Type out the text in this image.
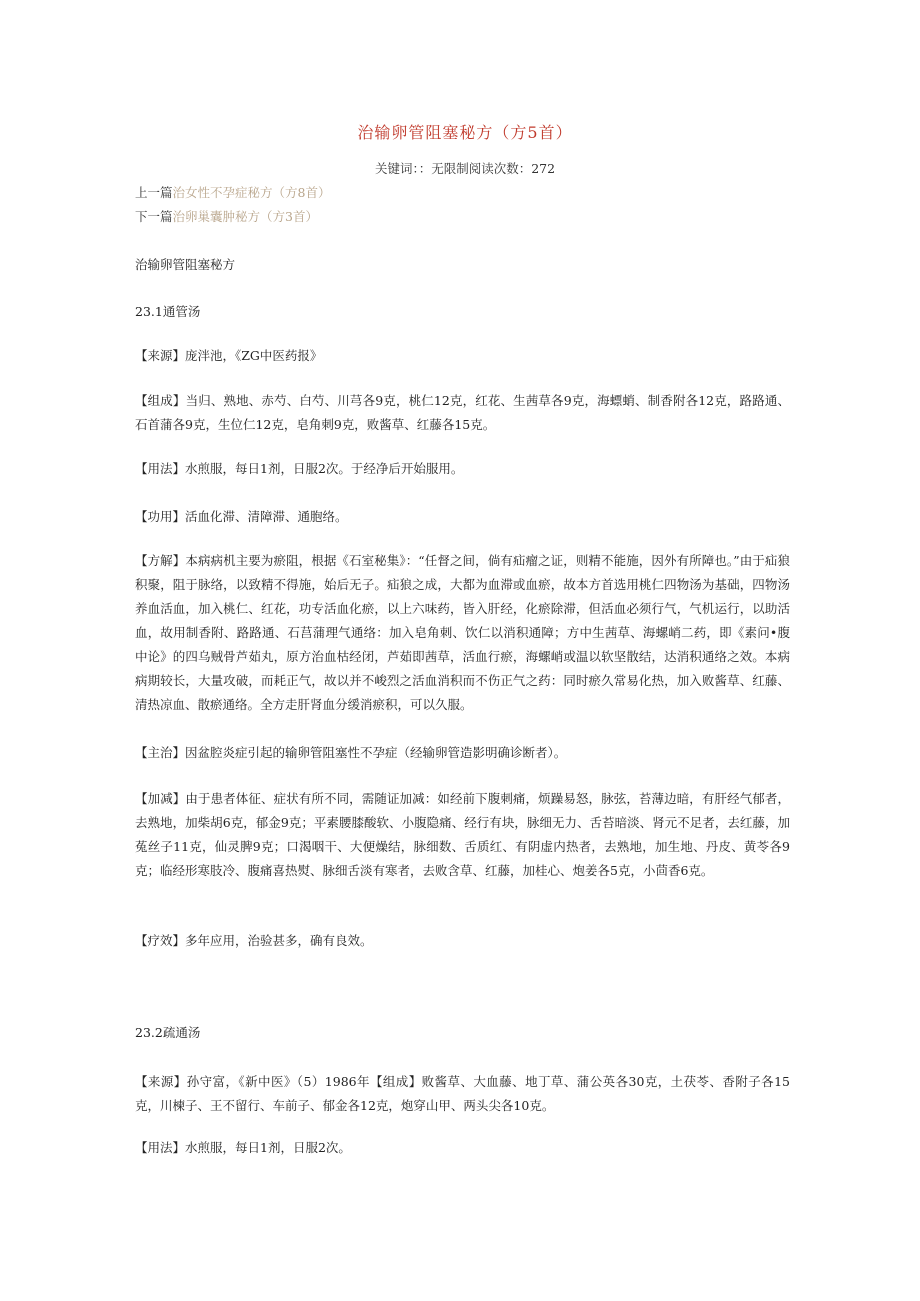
治输卵管阻塞秘方（方5首）
关键词：：无限制阅读次数：272
上一篇治女性不孕症秘方（方8首）
下一篇治卵巢囊肿秘方（方3首）
治输卵管阻塞秘方
23.1通管汤
【来源】庞泮池，《ZG中医药报》
【组成】当归、熟地、赤芍、白芍、川芎各9克，桃仁12克，红花、生茜草各9克，海螵蛸、制香附各12克，路路通、石首蒲各9克，生位仁12克，皂角刺9克，败酱草、红藤各15克。
【用法】水煎服，每日1剂，日服2次。于经净后开始服用。
【功用】活血化滞、清障滞、通胞络。
【方解】本病病机主要为瘀阻，根据《石室秘集》：“任督之间，倘有疝瘤之证，则精不能施，因外有所障也。”由于疝狼积聚，阻于脉络，以致精不得施，始后无子。疝狼之成，大都为血滞或血瘀，故本方首选用桃仁四物汤为基础，四物汤养血活血，加入桃仁、红花，功专活血化瘀，以上六味药，皆入肝经，化瘀除滞，但活血必须行气，气机运行，以助活血，故用制香附、路路通、石莒蒲理气通络：加入皂角刺、饮仁以消积通障；方中生茜草、海螺峭二药，即《素问•腹中论》的四乌贼骨芦茹丸，原方治血枯经闭，芦茹即茜草，活血行瘀，海螺峭或温以软坚散结，达消积通络之效。本病病期较长，大量攻破，而耗正气，故以并不峻烈之活血消积而不伤正气之药：同时瘀久常易化热，加入败酱草、红藤、清热凉血、散瘀通络。全方走肝肾血分缓消瘀积，可以久服。
【主治】因盆腔炎症引起的输卵管阻塞性不孕症（经输卵管造影明确诊断者）。
【加减】由于患者体征、症状有所不同，需随证加减：如经前下腹刺痛，烦躁易怒，脉弦，苔薄边暗，有肝经气郁者，去熟地，加柴胡6克，郁金9克；平素腰膝酸软、小腹隐痛、经行有块，脉细无力、舌苔暗淡、肾元不足者，去红藤，加菟丝子11克，仙灵脾9克；口渴咽干、大便燥结，脉细数、舌质红、有阴虚内热者，去熟地，加生地、丹皮、黄苓各9克；临经形寒肢冷、腹痛喜热熨、脉细舌淡有寒者，去败含草、红藤，加桂心、炮姜各5克，小茴香6克。
【疗效】多年应用，治验甚多，确有良效。
23.2疏通汤
【来源】孙守富，《新中医》（5）1986年【组成】败酱草、大血藤、地丁草、蒲公英各30克，土茯苓、香附子各15克，川楝子、王不留行、车前子、郁金各12克，炮穿山甲、两头尖各10克。
【用法】水煎服，每日1剂，日服2次。
